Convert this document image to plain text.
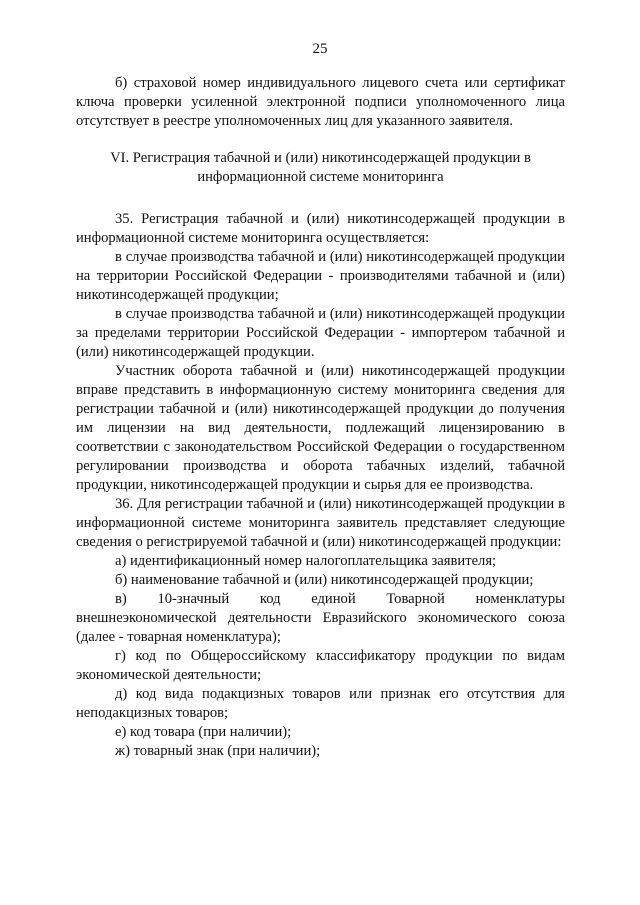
25

б) страховой номер индивидуального лицевого счета или сертификат ключа проверки усиленной электронной подписи уполномоченного лица отсутствует в реестре уполномоченных лиц для указанного заявителя.

VI. Регистрация табачной и (или) никотинсодержащей продукции в информационной системе мониторинга

35. Регистрация табачной и (или) никотинсодержащей продукции в информационной системе мониторинга осуществляется:

в случае производства табачной и (или) никотинсодержащей продукции на территории Российской Федерации - производителями табачной и (или) никотинсодержащей продукции;

в случае производства табачной и (или) никотинсодержащей продукции за пределами территории Российской Федерации - импортером табачной и (или) никотинсодержащей продукции.

Участник оборота табачной и (или) никотинсодержащей продукции вправе представить в информационную систему мониторинга сведения для регистрации табачной и (или) никотинсодержащей продукции до получения им лицензии на вид деятельности, подлежащий лицензированию в соответствии с законодательством Российской Федерации о государственном регулировании производства и оборота табачных изделий, табачной продукции, никотинсодержащей продукции и сырья для ее производства.

36. Для регистрации табачной и (или) никотинсодержащей продукции в информационной системе мониторинга заявитель представляет следующие сведения о регистрируемой табачной и (или) никотинсодержащей продукции:

а) идентификационный номер налогоплательщика заявителя;

б) наименование табачной и (или) никотинсодержащей продукции;

в) 10-значный код единой Товарной номенклатуры внешнеэкономической деятельности Евразийского экономического союза (далее - товарная номенклатура);

г) код по Общероссийскому классификатору продукции по видам экономической деятельности;

д) код вида подакцизных товаров или признак его отсутствия для неподакцизных товаров;

е) код товара (при наличии);

ж) товарный знак (при наличии);
